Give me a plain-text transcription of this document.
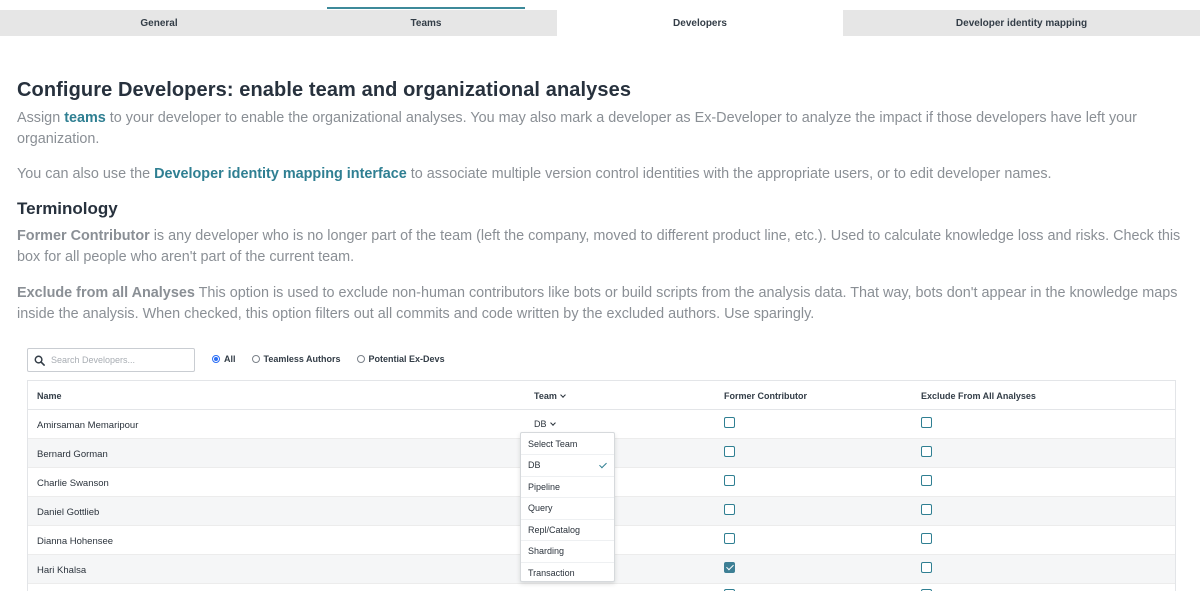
General	Teams	Developers	Developer identity mapping
Configure Developers: enable team and organizational analyses
Assign teams to your developer to enable the organizational analyses. You may also mark a developer as Ex-Developer to analyze the impact if those developers have left your organization.
You can also use the Developer identity mapping interface to associate multiple version control identities with the appropriate users, or to edit developer names.
Terminology
Former Contributor is any developer who is no longer part of the team (left the company, moved to different product line, etc.). Used to calculate knowledge loss and risks. Check this box for all people who aren't part of the current team.
Exclude from all Analyses This option is used to exclude non-human contributors like bots or build scripts from the analysis data. That way, bots don't appear in the knowledge maps inside the analysis. When checked, this option filters out all commits and code written by the excluded authors. Use sparingly.
Search Developers...
All	Teamless Authors	Potential Ex-Devs
Name	Team	Former Contributor	Exclude From All Analyses
Amirsaman Memaripour	DB
Bernard Gorman
Charlie Swanson
Daniel Gottlieb
Dianna Hohensee
Hari Khalsa
Select Team
DB
Pipeline
Query
Repl/Catalog
Sharding
Transaction
